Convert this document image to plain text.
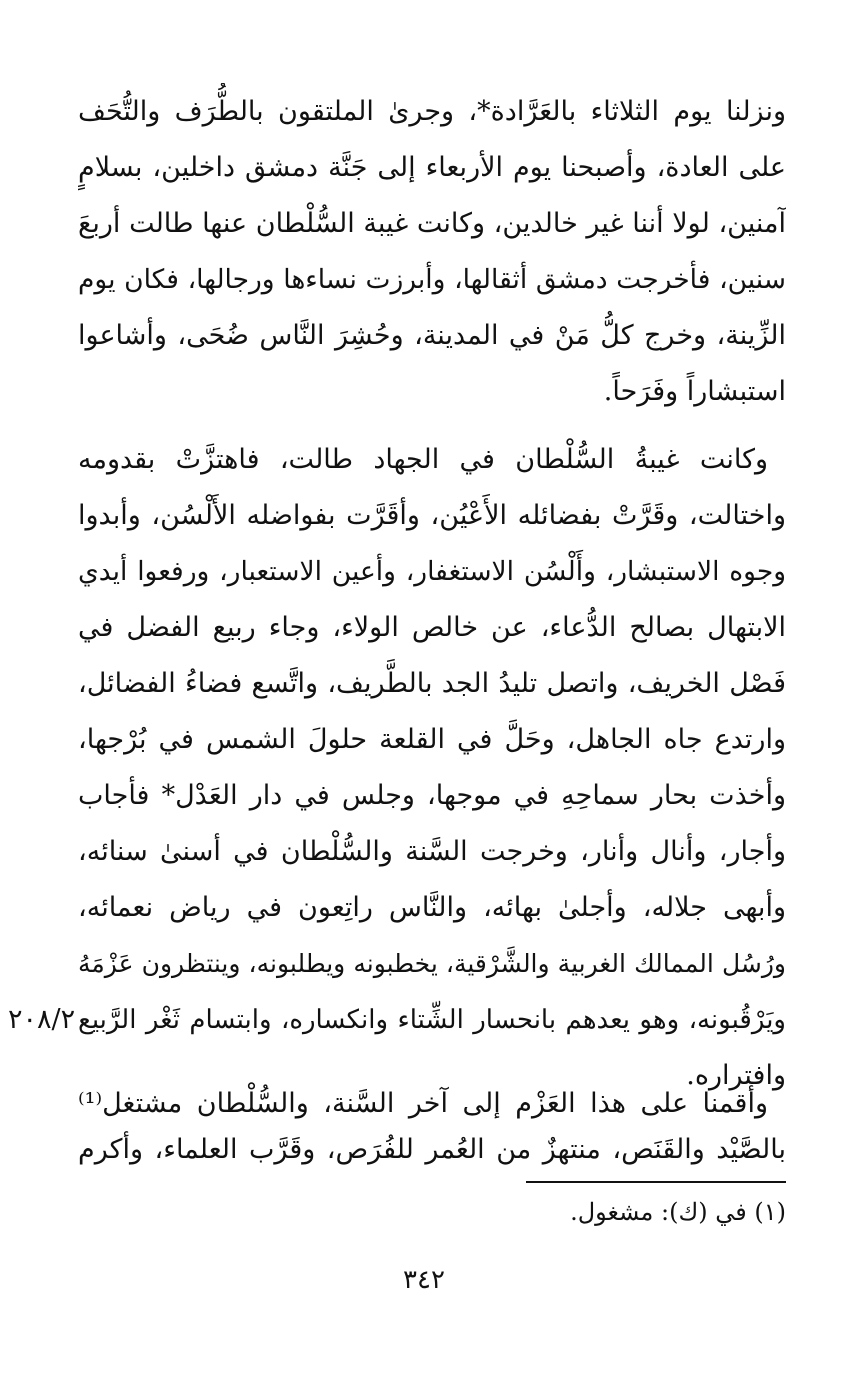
ونزلنا يوم الثلاثاء بالعَرَّادة*، وجرىٰ الملتقون بالطُّرَف والتُّحَف
على العادة، وأصبحنا يوم الأربعاء إلى جَنَّة دمشق داخلين، بسلامٍ
آمنين، لولا أننا غير خالدين، وكانت غيبة السُّلْطان عنها طالت أربعَ
سنين، فأخرجت دمشق أثقالها، وأبرزت نساءها ورجالها، فكان يوم
الزِّينة، وخرج كلُّ مَنْ في المدينة، وحُشِرَ النَّاس ضُحَى، وأشاعوا
استبشاراً وفَرَحاً.
وكانت غيبةُ السُّلْطان في الجهاد طالت، فاهتزَّتْ بقدومه
واختالت، وقَرَّتْ بفضائله الأَعْيُن، وأقَرَّت بفواضله الأَلْسُن، وأبدوا
وجوه الاستبشار، وأَلْسُن الاستغفار، وأعين الاستعبار، ورفعوا أيدي
الابتهال بصالح الدُّعاء، عن خالص الولاء، وجاء ربيع الفضل في
فَصْل الخريف، واتصل تليدُ الجد بالطَّريف، واتَّسع فضاءُ الفضائل،
وارتدع جاه الجاهل، وحَلَّ في القلعة حلولَ الشمس في بُرْجها،
وأخذت بحار سماحِهِ في موجها، وجلس في دار العَدْل* فأجاب
وأجار، وأنال وأنار، وخرجت السَّنة والسُّلْطان في أسنىٰ سنائه،
وأبهى جلاله، وأجلىٰ بهائه، والنَّاس راتِعون في رياض نعمائه،
ورُسُل الممالك الغربية والشَّرْقية، يخطبونه ويطلبونه، وينتظرون عَزْمَهُ
ويَرْقُبونه، وهو يعدهم بانحسار الشِّتاء وانكساره، وابتسام ثَغْر الرَّبيع
وافتراره.
وأقمنا على هذا العَزْم إلى آخر السَّنة، والسُّلْطان مشتغل⁽¹⁾
بالصَّيْد والقَنَص، منتهزٌ من العُمر للفُرَص، وقَرَّب العلماء، وأكرم
٢٠٨/٢
(١) في (ك): مشغول.
٣٤٢
